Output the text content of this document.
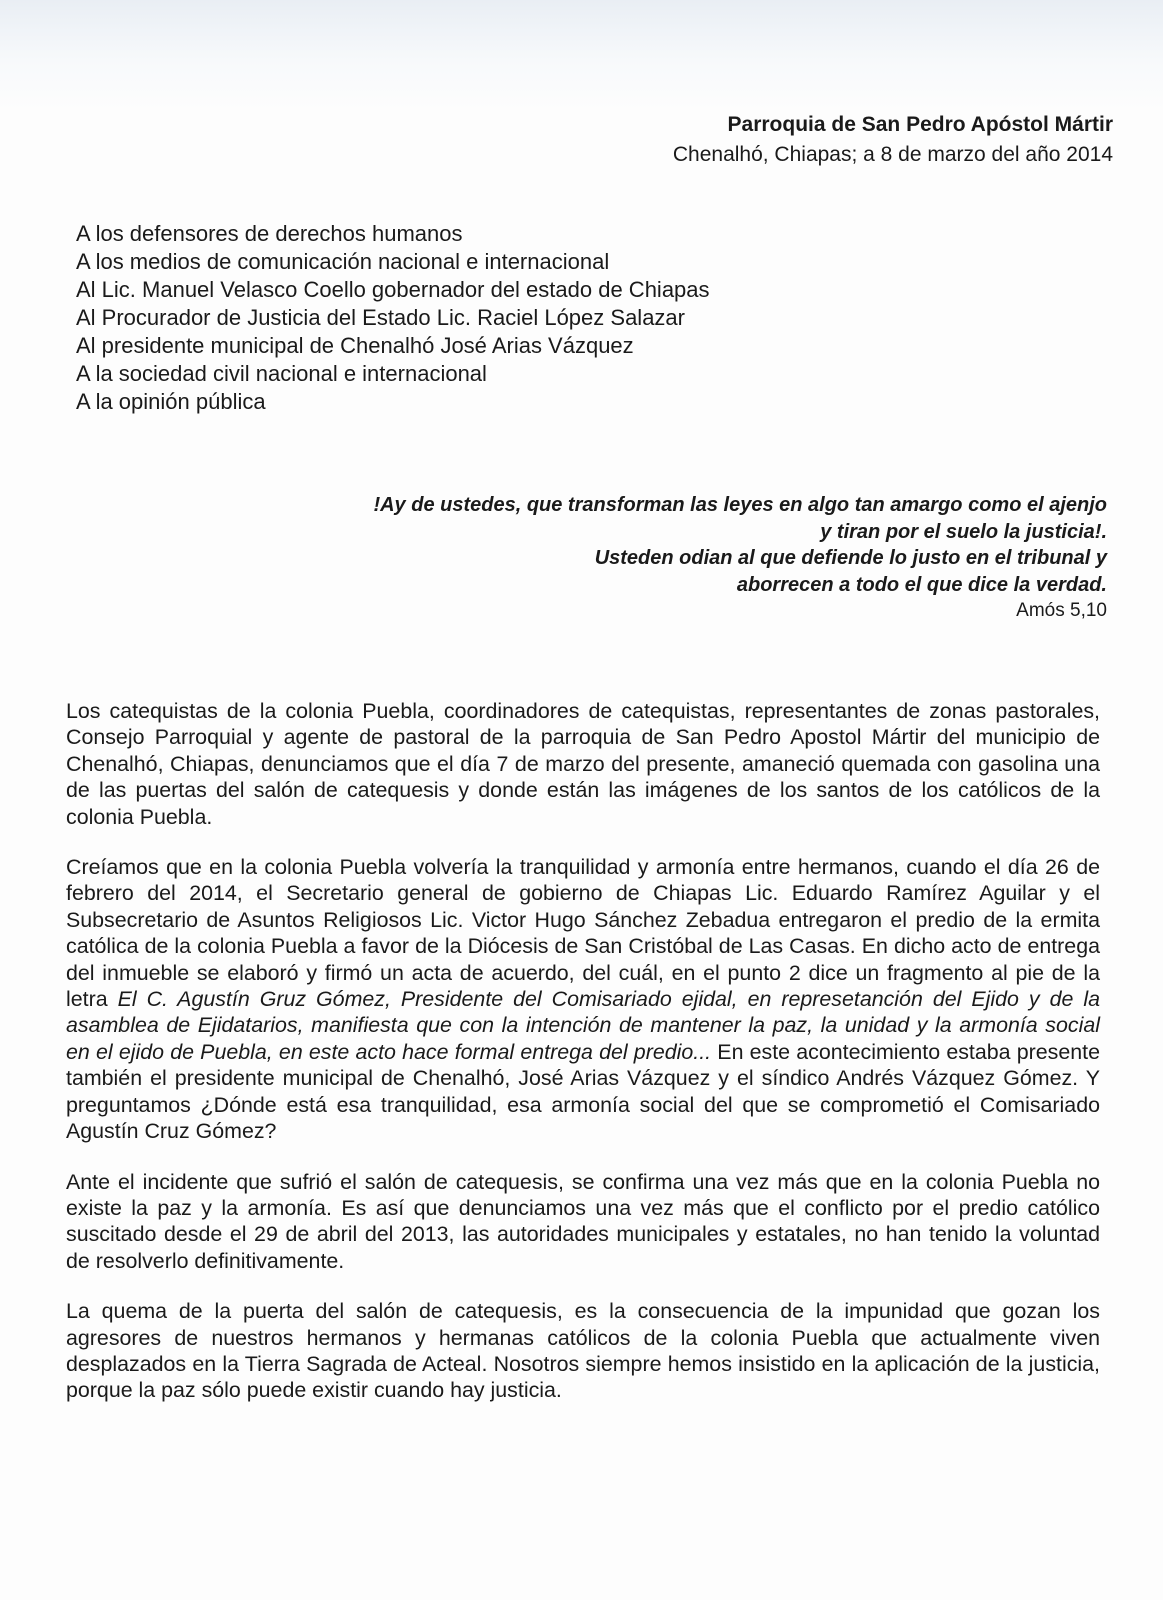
Parroquia de San Pedro Apóstol Mártir
Chenalhó, Chiapas; a 8 de marzo del año 2014
A los defensores de derechos humanos
A los medios de comunicación nacional e internacional
Al Lic. Manuel Velasco Coello gobernador del estado de Chiapas
Al Procurador de Justicia del Estado Lic. Raciel López Salazar
Al presidente municipal de Chenalhó José Arias Vázquez
A la sociedad civil nacional e internacional
A la opinión pública
!Ay de ustedes, que transforman las leyes en algo tan amargo como el ajenjo
y tiran por el suelo la justicia!.
Usteden odian al que defiende lo justo en el tribunal y
aborrecen a todo el que dice la verdad.
Amós 5,10

Los catequistas de la colonia Puebla, coordinadores de catequistas, representantes de zonas pastorales, Consejo Parroquial y agente de pastoral de la parroquia de San Pedro Apostol Mártir del municipio de Chenalhó, Chiapas, denunciamos que el día 7 de marzo del presente, amaneció quemada con gasolina una de las puertas del salón de catequesis y donde están las imágenes de los santos de los católicos de la colonia Puebla.

Creíamos que en la colonia Puebla volvería la tranquilidad y armonía entre hermanos, cuando el día 26 de febrero del 2014, el Secretario general de gobierno de Chiapas Lic. Eduardo Ramírez Aguilar y el Subsecretario de Asuntos Religiosos Lic. Victor Hugo Sánchez Zebadua entregaron el predio de la ermita católica de la colonia Puebla a favor de la Diócesis de San Cristóbal de Las Casas. En dicho acto de entrega del inmueble se elaboró y firmó un acta de acuerdo, del cuál, en el punto 2 dice un fragmento al pie de la letra El C. Agustín Gruz Gómez, Presidente del Comisariado ejidal, en represetanción del Ejido y de la asamblea de Ejidatarios, manifiesta que con la intención de mantener la paz, la unidad y la armonía social en el ejido de Puebla, en este acto hace formal entrega del predio... En este acontecimiento estaba presente también el presidente municipal de Chenalhó, José Arias Vázquez y el síndico Andrés Vázquez Gómez. Y preguntamos ¿Dónde está esa tranquilidad, esa armonía social del que se comprometió el Comisariado Agustín Cruz Gómez?

Ante el incidente que sufrió el salón de catequesis, se confirma una vez más que en la colonia Puebla no existe la paz y la armonía. Es así que denunciamos una vez más que el conflicto por el predio católico suscitado desde el 29 de abril del 2013, las autoridades municipales y estatales, no han tenido la voluntad de resolverlo definitivamente.

La quema de la puerta del salón de catequesis, es la consecuencia de la impunidad que gozan los agresores de nuestros hermanos y hermanas católicos de la colonia Puebla que actualmente viven desplazados en la Tierra Sagrada de Acteal. Nosotros siempre hemos insistido en la aplicación de la justicia, porque la paz sólo puede existir cuando hay justicia.
